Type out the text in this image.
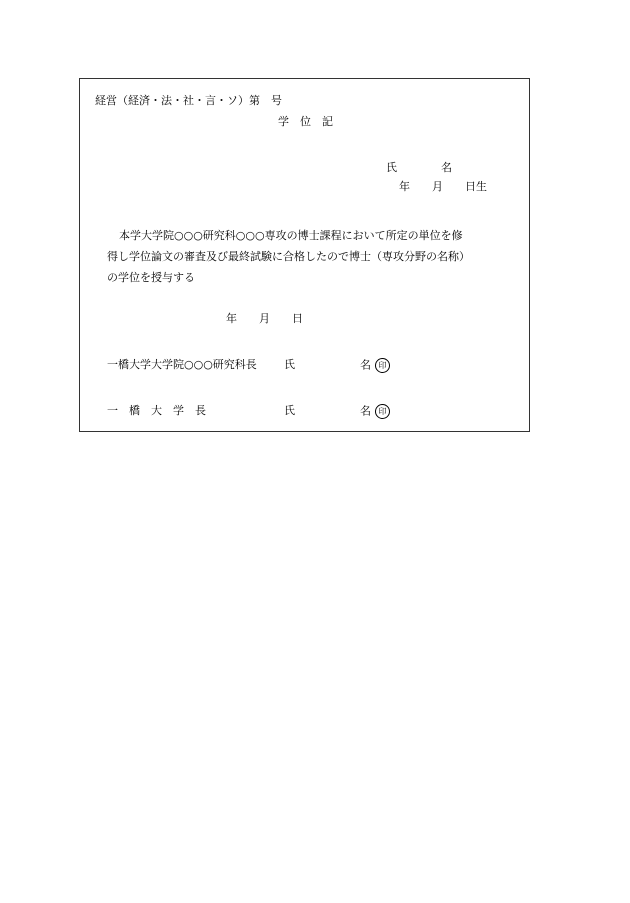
経営（経済・法・社・言・ソ）第　号
学　位　記
氏　　　　名
年　　月　　日生
本学大学院○○○研究科○○○専攻の博士課程において所定の単位を修
得し学位論文の審査及び最終試験に合格したので博士（専攻分野の名称）
の学位を授与する
年　　月　　日
一橋大学大学院○○○研究科長 氏	名 印
一　橋　大　学　長	氏	名 印
